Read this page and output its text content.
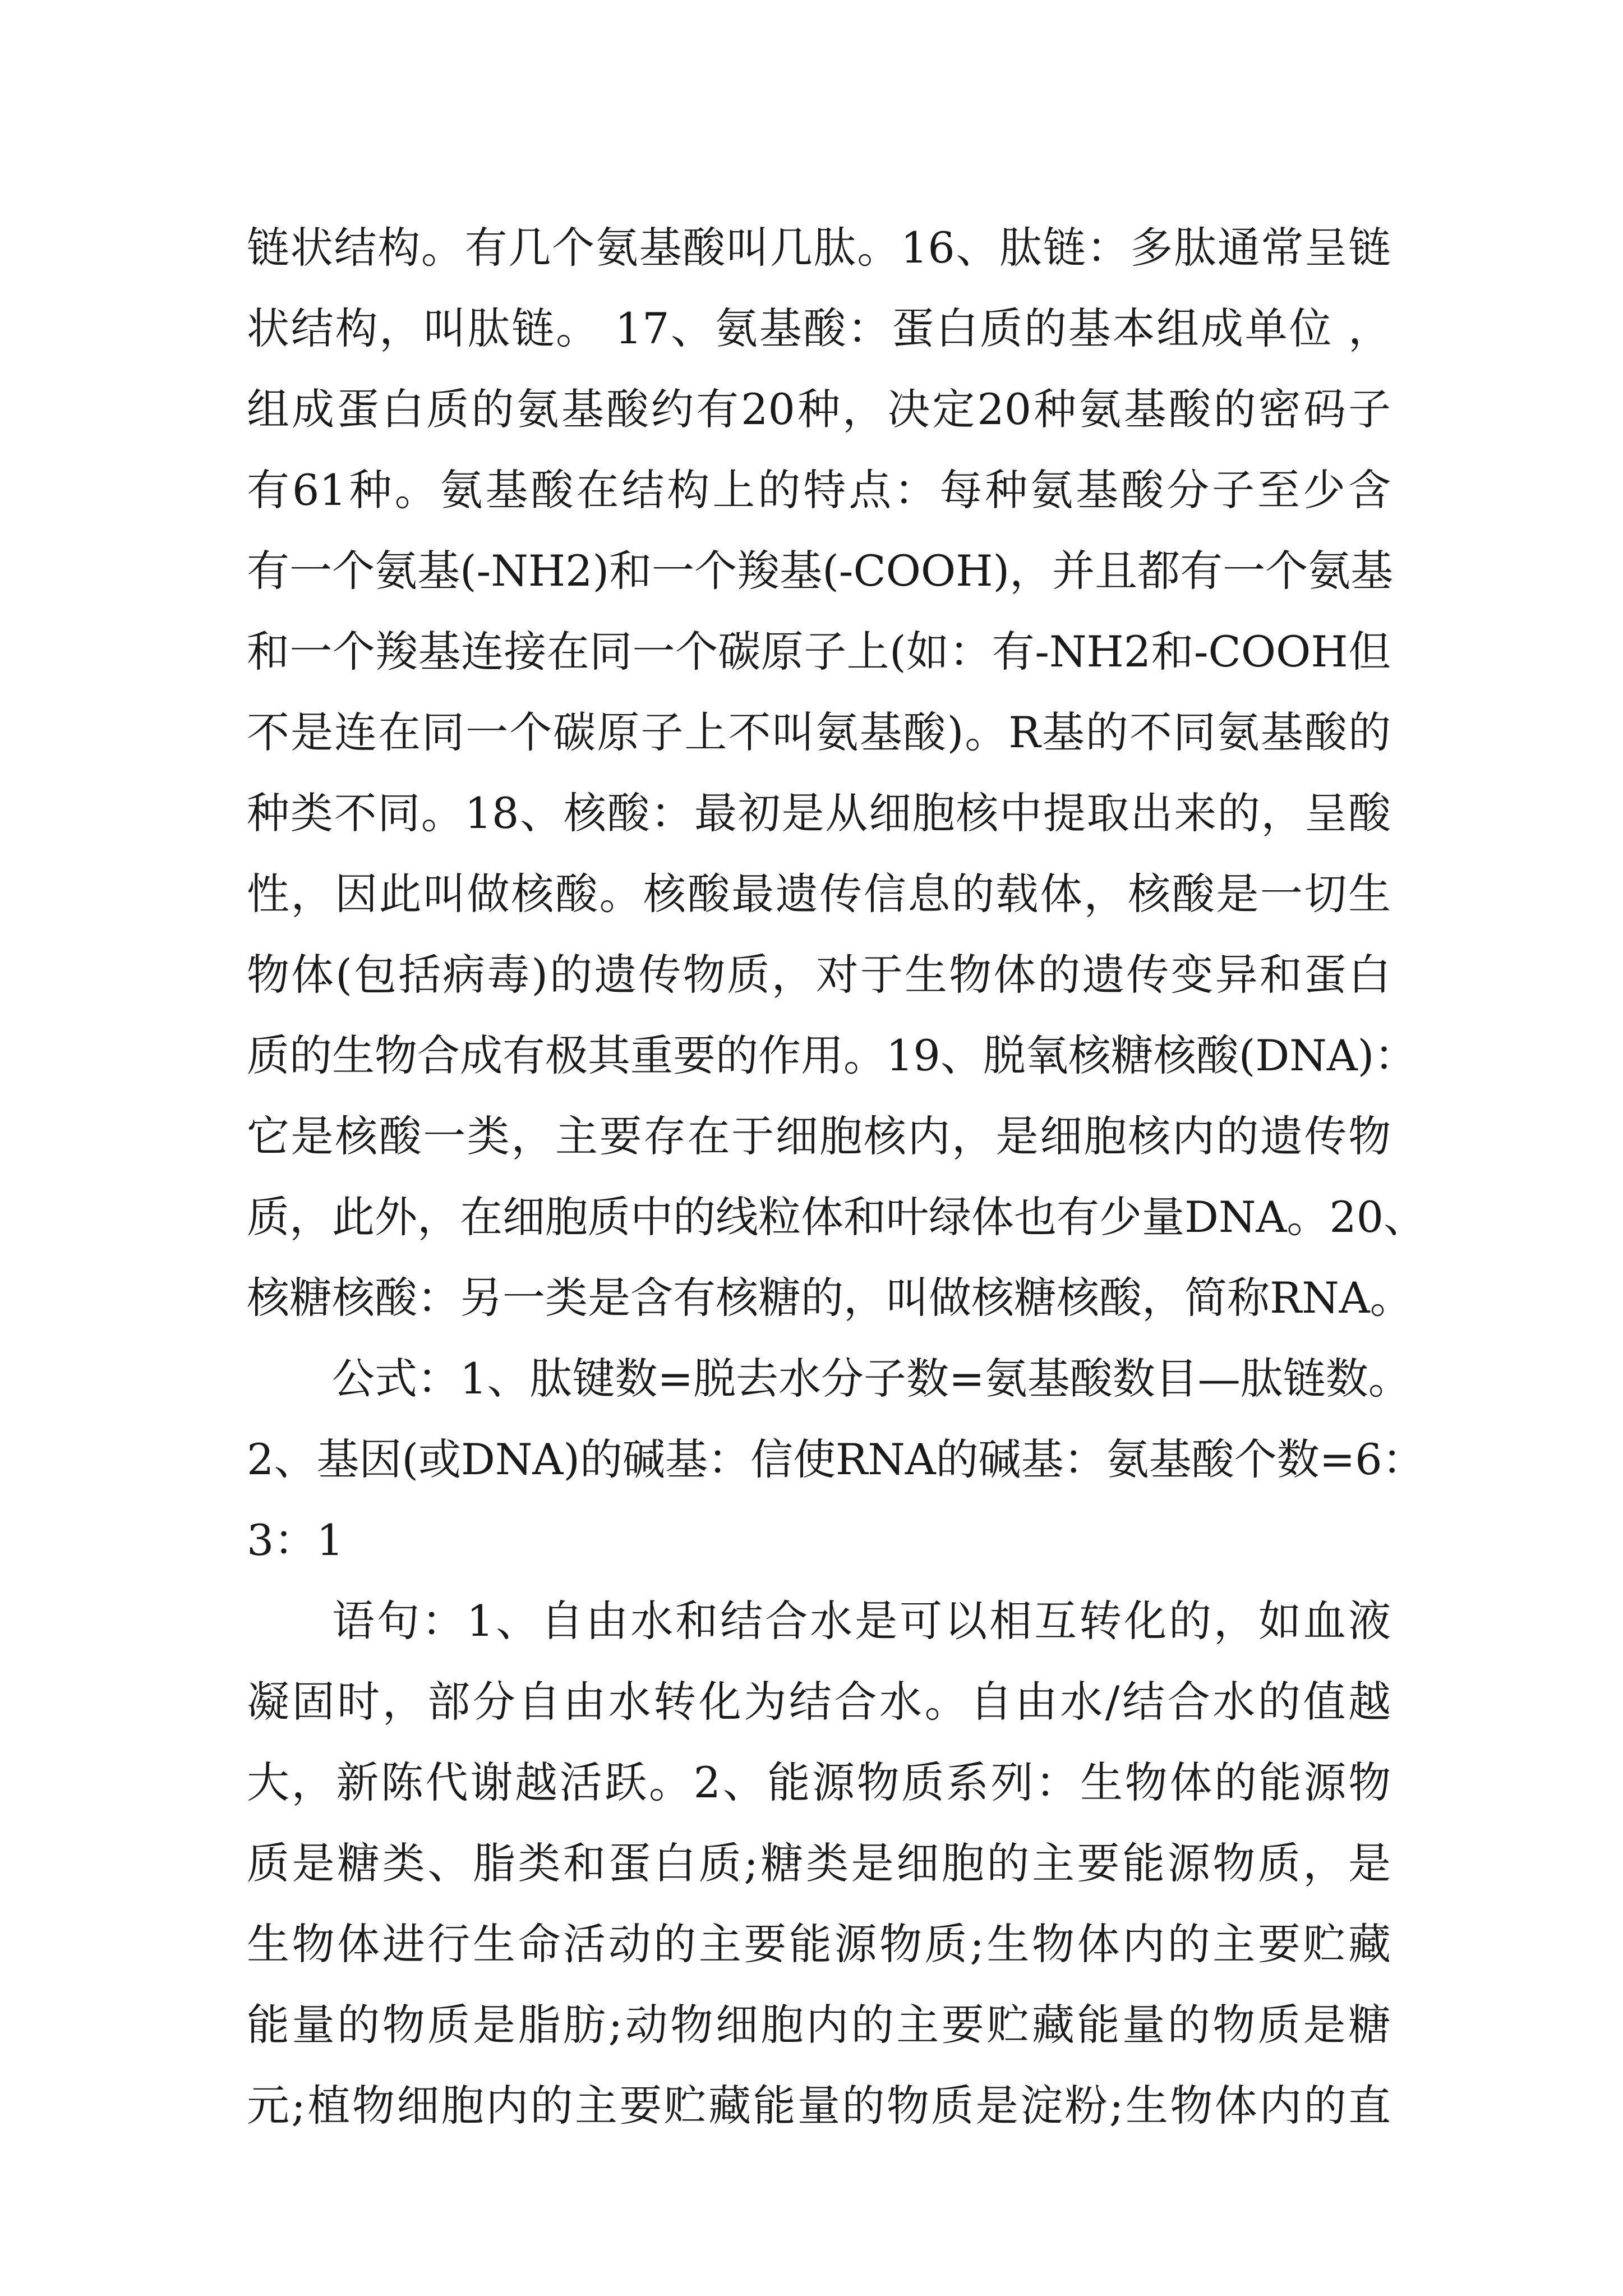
链状结构。有几个氨基酸叫几肽。16、肽链：多肽通常呈链
状结构，叫肽链。 17、氨基酸：蛋白质的基本组成单位 ，
组成蛋白质的氨基酸约有20种，决定20种氨基酸的密码子
有61种。氨基酸在结构上的特点：每种氨基酸分子至少含
有一个氨基(-NH2)和一个羧基(-COOH)，并且都有一个氨基
和一个羧基连接在同一个碳原子上(如：有-NH2和-COOH但
不是连在同一个碳原子上不叫氨基酸)。R基的不同氨基酸的
种类不同。18、核酸：最初是从细胞核中提取出来的，呈酸
性，因此叫做核酸。核酸最遗传信息的载体，核酸是一切生
物体(包括病毒)的遗传物质，对于生物体的遗传变异和蛋白
质的生物合成有极其重要的作用。19、脱氧核糖核酸(DNA)：
它是核酸一类，主要存在于细胞核内，是细胞核内的遗传物
质，此外，在细胞质中的线粒体和叶绿体也有少量DNA。20、
核糖核酸：另一类是含有核糖的，叫做核糖核酸，简称RNA。
公式：1、肽键数=脱去水分子数=氨基酸数目—肽链数。
2、基因(或DNA)的碱基：信使RNA的碱基：氨基酸个数=6：
3：1
语句：1、自由水和结合水是可以相互转化的，如血液
凝固时，部分自由水转化为结合水。自由水/结合水的值越
大，新陈代谢越活跃。2、能源物质系列：生物体的能源物
质是糖类、脂类和蛋白质;糖类是细胞的主要能源物质，是
生物体进行生命活动的主要能源物质;生物体内的主要贮藏
能量的物质是脂肪;动物细胞内的主要贮藏能量的物质是糖
元;植物细胞内的主要贮藏能量的物质是淀粉;生物体内的直
